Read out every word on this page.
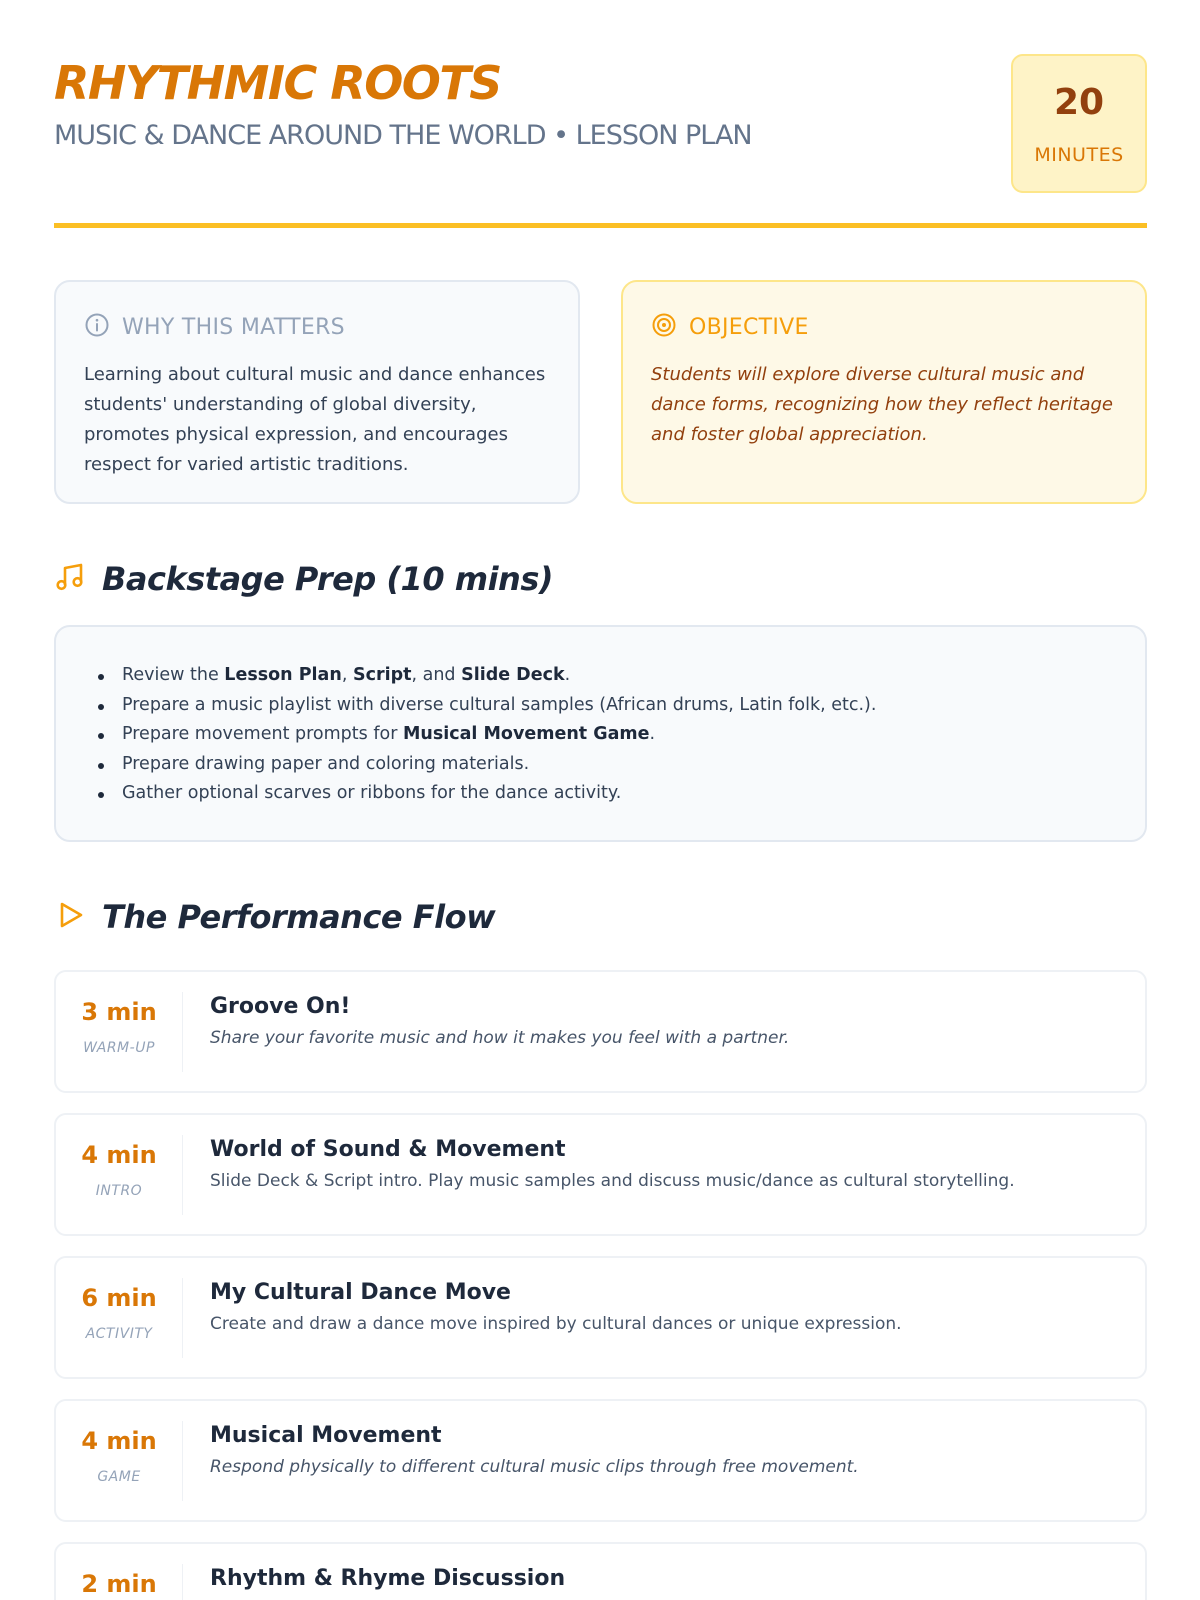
RHYTHMIC ROOTS
MUSIC & DANCE AROUND THE WORLD • LESSON PLAN
20
MINUTES
WHY THIS MATTERS
Learning about cultural music and dance enhances students' understanding of global diversity, promotes physical expression, and encourages respect for varied artistic traditions.
OBJECTIVE
Students will explore diverse cultural music and dance forms, recognizing how they reflect heritage and foster global appreciation.
Backstage Prep (10 mins)
Review the Lesson Plan, Script, and Slide Deck.
Prepare a music playlist with diverse cultural samples (African drums, Latin folk, etc.).
Prepare movement prompts for Musical Movement Game.
Prepare drawing paper and coloring materials.
Gather optional scarves or ribbons for the dance activity.
The Performance Flow
3 min
WARM-UP
Groove On!
Share your favorite music and how it makes you feel with a partner.
4 min
INTRO
World of Sound & Movement
Slide Deck & Script intro. Play music samples and discuss music/dance as cultural storytelling.
6 min
ACTIVITY
My Cultural Dance Move
Create and draw a dance move inspired by cultural dances or unique expression.
4 min
GAME
Musical Movement
Respond physically to different cultural music clips through free movement.
2 min	Rhythm & Rhyme Discussion
